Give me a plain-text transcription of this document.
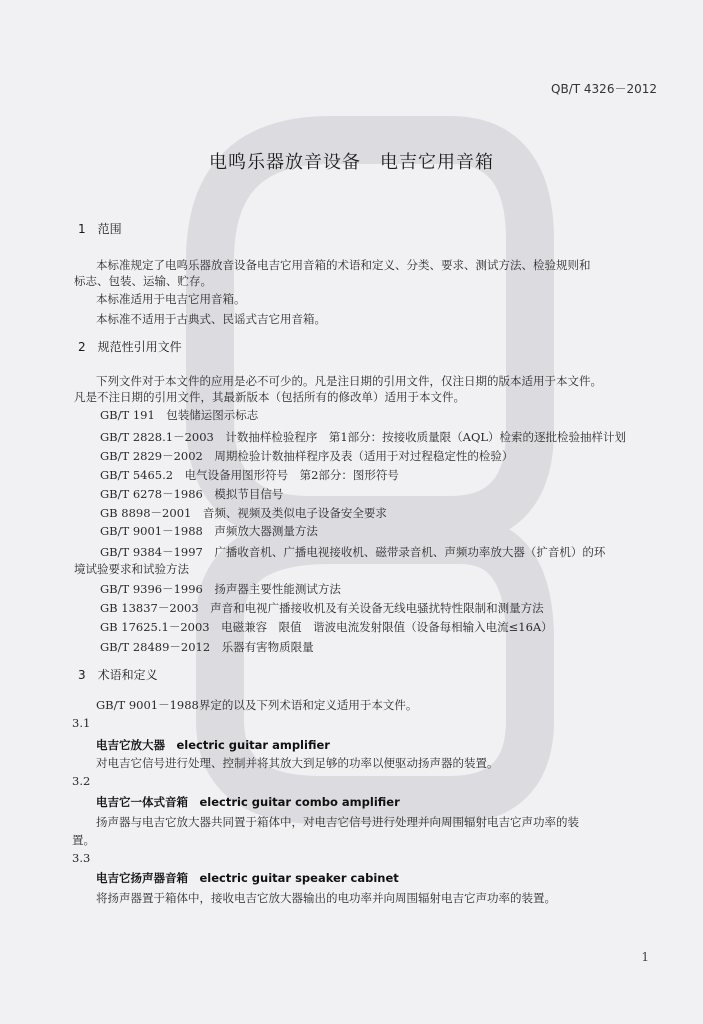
QB/T 4326－2012
电鸣乐器放音设备　电吉它用音箱
1　范围
本标准规定了电鸣乐器放音设备电吉它用音箱的术语和定义、分类、要求、测试方法、检验规则和
标志、包装、运输、贮存。
本标准适用于电吉它用音箱。
本标准不适用于古典式、民谣式吉它用音箱。
2　规范性引用文件
下列文件对于本文件的应用是必不可少的。凡是注日期的引用文件，仅注日期的版本适用于本文件。
凡是不注日期的引用文件，其最新版本（包括所有的修改单）适用于本文件。
GB/T 191　包装储运图示标志
GB/T 2828.1－2003　计数抽样检验程序　第1部分：按接收质量限（AQL）检索的逐批检验抽样计划
GB/T 2829－2002　周期检验计数抽样程序及表（适用于对过程稳定性的检验）
GB/T 5465.2　电气设备用图形符号　第2部分：图形符号
GB/T 6278－1986　模拟节目信号
GB 8898－2001　音频、视频及类似电子设备安全要求
GB/T 9001－1988　声频放大器测量方法
GB/T 9384－1997　广播收音机、广播电视接收机、磁带录音机、声频功率放大器（扩音机）的环
境试验要求和试验方法
GB/T 9396－1996　扬声器主要性能测试方法
GB 13837－2003　声音和电视广播接收机及有关设备无线电骚扰特性限制和测量方法
GB 17625.1－2003　电磁兼容　限值　谐波电流发射限值（设备每相输入电流≤16A）
GB/T 28489－2012　乐器有害物质限量
3　术语和定义
GB/T 9001－1988界定的以及下列术语和定义适用于本文件。
3.1
电吉它放大器　electric guitar amplifier
对电吉它信号进行处理、控制并将其放大到足够的功率以便驱动扬声器的装置。
3.2
电吉它一体式音箱　electric guitar combo amplifier
扬声器与电吉它放大器共同置于箱体中，对电吉它信号进行处理并向周围辐射电吉它声功率的装
置。
3.3
电吉它扬声器音箱　electric guitar speaker cabinet
将扬声器置于箱体中，接收电吉它放大器输出的电功率并向周围辐射电吉它声功率的装置。
1
